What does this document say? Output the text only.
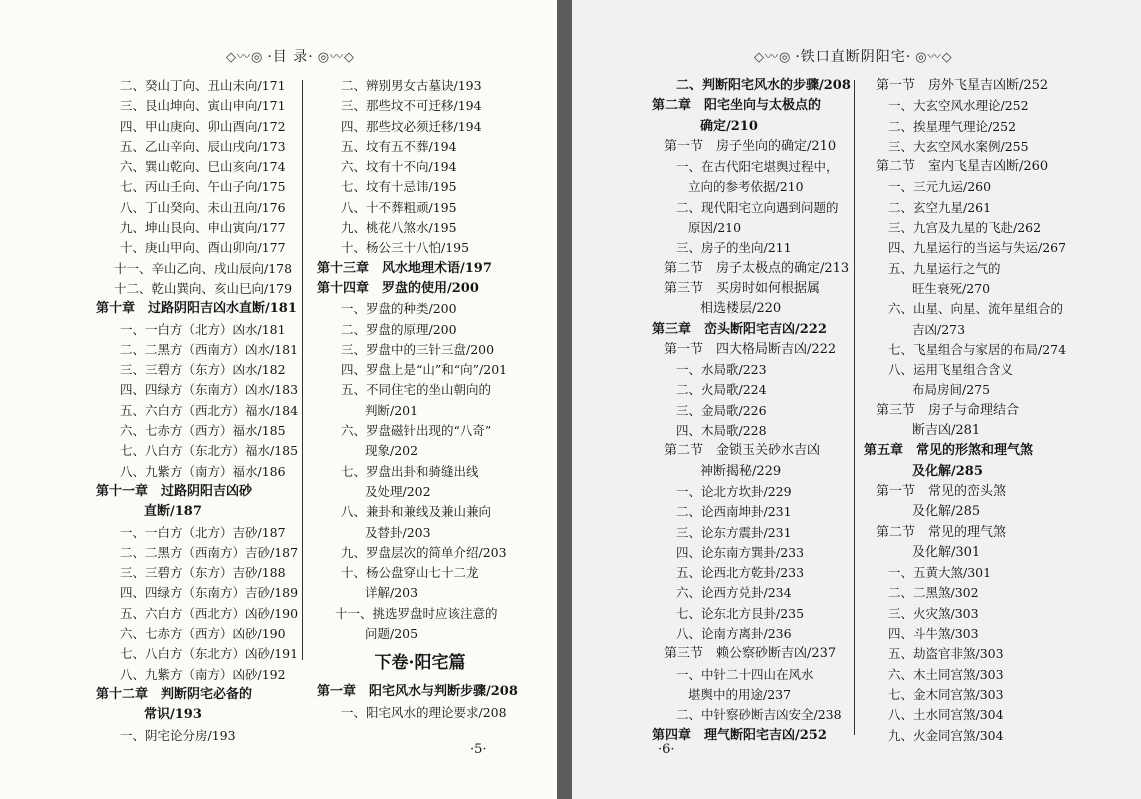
◇〰◎ ·目 录· ◎〰◇
二、癸山丁向、丑山未向/171
三、艮山坤向、寅山申向/171
四、甲山庚向、卯山酉向/172
五、乙山辛向、辰山戌向/173
六、巽山乾向、巳山亥向/174
七、丙山壬向、午山子向/175
八、丁山癸向、未山丑向/176
九、坤山艮向、申山寅向/177
十、庚山甲向、酉山卯向/177
十一、辛山乙向、戌山辰向/178
十二、乾山巽向、亥山巳向/179
第十章　过路阴阳吉凶水直断/181
一、一白方（北方）凶水/181
二、二黑方（西南方）凶水/181
三、三碧方（东方）凶水/182
四、四绿方（东南方）凶水/183
五、六白方（西北方）福水/184
六、七赤方（西方）福水/185
七、八白方（东北方）福水/185
八、九紫方（南方）福水/186
第十一章　过路阴阳吉凶砂
直断/187
一、一白方（北方）吉砂/187
二、二黑方（西南方）吉砂/187
三、三碧方（东方）吉砂/188
四、四绿方（东南方）吉砂/189
五、六白方（西北方）凶砂/190
六、七赤方（西方）凶砂/190
七、八白方（东北方）凶砂/191
八、九紫方（南方）凶砂/192
第十二章　判断阴宅必备的
常识/193
一、阴宅论分房/193
二、辨别男女古墓诀/193
三、那些坟不可迁移/194
四、那些坟必须迁移/194
五、坟有五不葬/194
六、坟有十不向/194
七、坟有十忌讳/195
八、十不葬粗顽/195
九、桃花八煞水/195
十、杨公三十八怕/195
第十三章　风水地理术语/197
第十四章　罗盘的使用/200
一、罗盘的种类/200
二、罗盘的原理/200
三、罗盘中的三针三盘/200
四、罗盘上是“山”和“向”/201
五、不同住宅的坐山朝向的
判断/201
六、罗盘磁针出现的“八奇”
现象/202
七、罗盘出卦和骑缝出线
及处理/202
八、兼卦和兼线及兼山兼向
及替卦/203
九、罗盘层次的简单介绍/203
十、杨公盘穿山七十二龙
详解/203
十一、挑选罗盘时应该注意的
问题/205
下卷·阳宅篇
第一章　阳宅风水与判断步骤/208
一、阳宅风水的理论要求/208
·5·
◇〰◎ ·铁口直断阴阳宅· ◎〰◇
二、判断阳宅风水的步骤/208
第二章　阳宅坐向与太极点的
确定/210
第一节　房子坐向的确定/210
一、在古代阳宅堪舆过程中，
立向的参考依据/210
二、现代阳宅立向遇到问题的
原因/210
三、房子的坐向/211
第二节　房子太极点的确定/213
第三节　买房时如何根据属
相选楼层/220
第三章　峦头断阳宅吉凶/222
第一节　四大格局断吉凶/222
一、水局歌/223
二、火局歌/224
三、金局歌/226
四、木局歌/228
第二节　金锁玉关砂水吉凶
神断揭秘/229
一、论北方坎卦/229
二、论西南坤卦/231
三、论东方震卦/231
四、论东南方巽卦/233
五、论西北方乾卦/233
六、论西方兑卦/234
七、论东北方艮卦/235
八、论南方离卦/236
第三节　赖公察砂断吉凶/237
一、中针二十四山在风水
堪舆中的用途/237
二、中针察砂断吉凶安全/238
第四章　理气断阳宅吉凶/252
第一节　房外飞星吉凶断/252
一、大玄空风水理论/252
二、挨星理气理论/252
三、大玄空风水案例/255
第二节　室内飞星吉凶断/260
一、三元九运/260
二、玄空九星/261
三、九宫及九星的飞赴/262
四、九星运行的当运与失运/267
五、九星运行之气的
旺生衰死/270
六、山星、向星、流年星组合的
吉凶/273
七、飞星组合与家居的布局/274
八、运用飞星组合含义
布局房间/275
第三节　房子与命理结合
断吉凶/281
第五章　常见的形煞和理气煞
及化解/285
第一节　常见的峦头煞
及化解/285
第二节　常见的理气煞
及化解/301
一、五黄大煞/301
二、二黑煞/302
三、火灾煞/303
四、斗牛煞/303
五、劫盗官非煞/303
六、木土同宫煞/303
七、金木同宫煞/303
八、土水同宫煞/304
九、火金同宫煞/304
·6·
